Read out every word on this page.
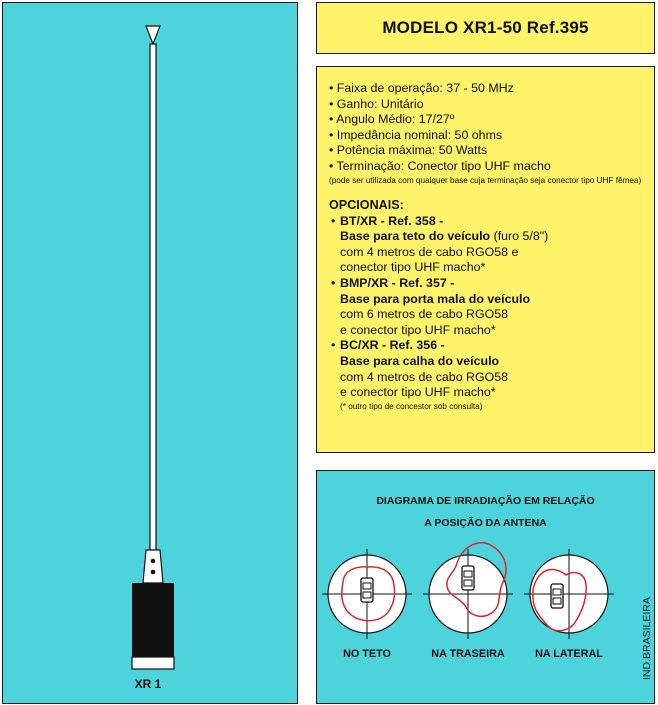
XR 1
MODELO XR1-50 Ref.395
• Faixa de operação: 37 - 50 MHz
• Ganho: Unitário
• Angulo Médio: 17/27º
• Impedância nominal: 50 ohms
• Potência máxima: 50 Watts
• Terminação: Conector tipo UHF macho
(pode ser utilizada com qualquer base cuja terminação seja conector tipo UHF fêmea)
OPCIONAIS:
• BT/XR - Ref. 358 -
Base para teto do veículo (furo 5/8")
com 4 metros de cabo RGO58 e
conector tipo UHF macho*
• BMP/XR - Ref. 357 -
Base para porta mala do veículo
com 6 metros de cabo RGO58
e conector tipo UHF macho*
• BC/XR - Ref. 356 -
Base para calha do veículo
com 4 metros de cabo RGO58
e conector tipo UHF macho*
(* outro tipo de concestor sob consulta)
DIAGRAMA DE IRRADIAÇÃO EM RELAÇÃO
A POSIÇÃO DA ANTENA
IND.BRASILEIRA
NO TETO	NA TRASEIRA	NA LATERAL
